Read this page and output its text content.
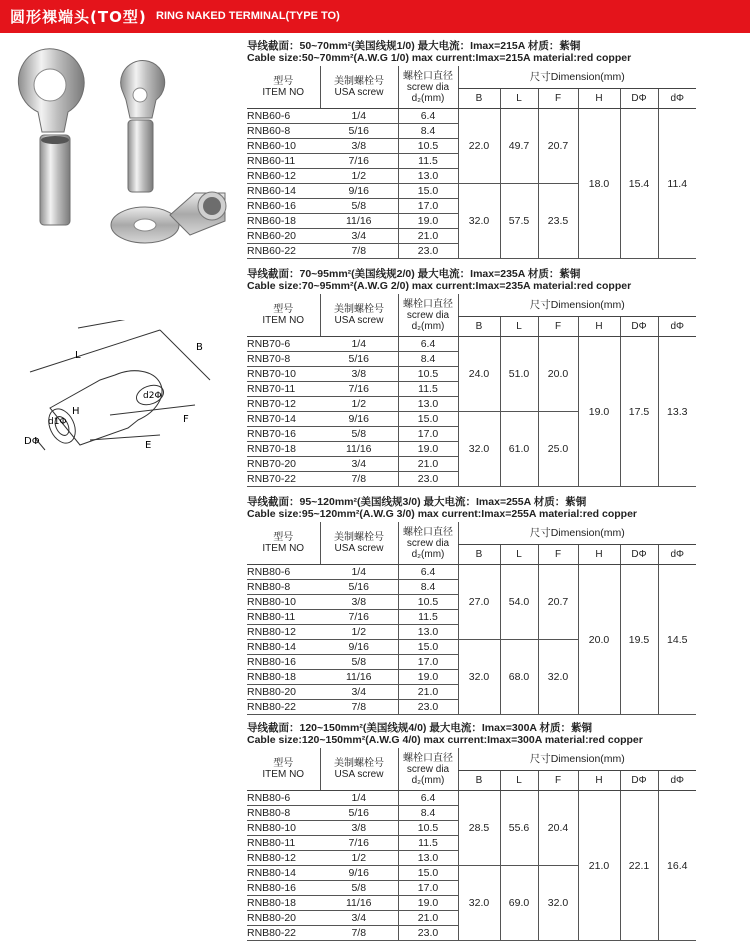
圆形裸端头(TO型) RING NAKED TERMINAL(TYPE TO)
L
B
F
E
H
d2Φ
d1Φ
DΦ
导线截面：50~70mm²(美国线规1/0) 最大电流：Imax=215A 材质：紫铜
Cable size:50~70mm²(A.W.G 1/0) max current:Imax=215A material:red copper
型号
ITEM NO	美制螺栓号
USA screw	螺栓口直径
screw dia
d₂(mm)	尺寸Dimension(mm)					
			B	L	F	H	DΦ	dΦ
RNB60-6	1/4	6.4	22.0	49.7	20.7	18.0	15.4	11.4
RNB60-8	5/16	8.4						
RNB60-10	3/8	10.5						
RNB60-11	7/16	11.5						
RNB60-12	1/2	13.0						
RNB60-14	9/16	15.0	32.0	57.5	23.5			
RNB60-16	5/8	17.0						
RNB60-18	11/16	19.0						
RNB60-20	3/4	21.0						
RNB60-22	7/8	23.0						
导线截面：70~95mm²(美国线规2/0) 最大电流：Imax=235A 材质：紫铜
Cable size:70~95mm²(A.W.G 2/0) max current:Imax=235A material:red copper
型号
ITEM NO	美制螺栓号
USA screw	螺栓口直径
screw dia
d₂(mm)	尺寸Dimension(mm)					
			B	L	F	H	DΦ	dΦ
RNB70-6	1/4	6.4	24.0	51.0	20.0	19.0	17.5	13.3
RNB70-8	5/16	8.4						
RNB70-10	3/8	10.5						
RNB70-11	7/16	11.5						
RNB70-12	1/2	13.0						
RNB70-14	9/16	15.0	32.0	61.0	25.0			
RNB70-16	5/8	17.0						
RNB70-18	11/16	19.0						
RNB70-20	3/4	21.0						
RNB70-22	7/8	23.0						
导线截面：95~120mm²(美国线规3/0) 最大电流：Imax=255A 材质：紫铜
Cable size:95~120mm²(A.W.G 3/0) max current:Imax=255A material:red copper
型号
ITEM NO	美制螺栓号
USA screw	螺栓口直径
screw dia
d₂(mm)	尺寸Dimension(mm)					
			B	L	F	H	DΦ	dΦ
RNB80-6	1/4	6.4	27.0	54.0	20.7	20.0	19.5	14.5
RNB80-8	5/16	8.4						
RNB80-10	3/8	10.5						
RNB80-11	7/16	11.5						
RNB80-12	1/2	13.0						
RNB80-14	9/16	15.0	32.0	68.0	32.0			
RNB80-16	5/8	17.0						
RNB80-18	11/16	19.0						
RNB80-20	3/4	21.0						
RNB80-22	7/8	23.0						
导线截面：120~150mm²(美国线规4/0) 最大电流：Imax=300A 材质：紫铜
Cable size:120~150mm²(A.W.G 4/0) max current:Imax=300A material:red copper
型号
ITEM NO	美制螺栓号
USA screw	螺栓口直径
screw dia
d₂(mm)	尺寸Dimension(mm)					
			B	L	F	H	DΦ	dΦ
RNB80-6	1/4	6.4	28.5	55.6	20.4	21.0	22.1	16.4
RNB80-8	5/16	8.4						
RNB80-10	3/8	10.5						
RNB80-11	7/16	11.5						
RNB80-12	1/2	13.0						
RNB80-14	9/16	15.0	32.0	69.0	32.0			
RNB80-16	5/8	17.0						
RNB80-18	11/16	19.0						
RNB80-20	3/4	21.0						
RNB80-22	7/8	23.0						
